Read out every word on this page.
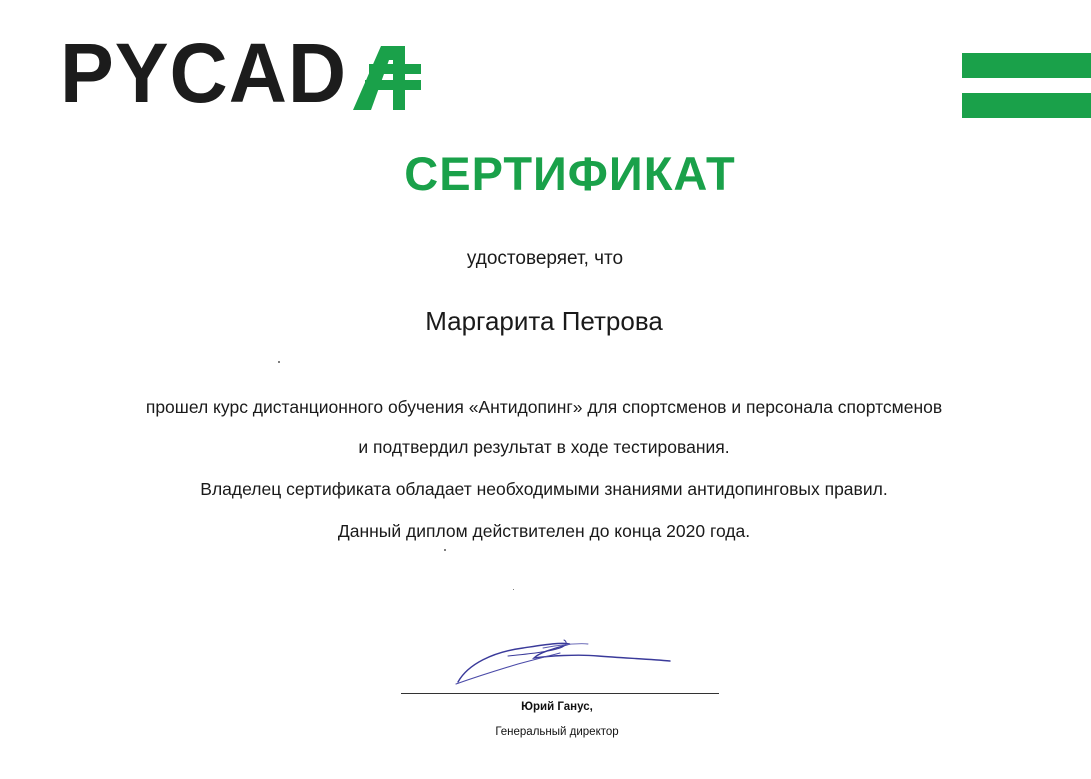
PYCAD
СЕРТИФИКАТ
удостоверяет, что
Маргарита Петрова
прошел курс дистанционного обучения «Антидопинг» для спортсменов и персонала спортсменов
и подтвердил результат в ходе тестирования.
Владелец сертификата обладает необходимыми знаниями антидопинговых правил.
Данный диплом действителен до конца 2020 года.
Юрий Ганус,
Генеральный директор
